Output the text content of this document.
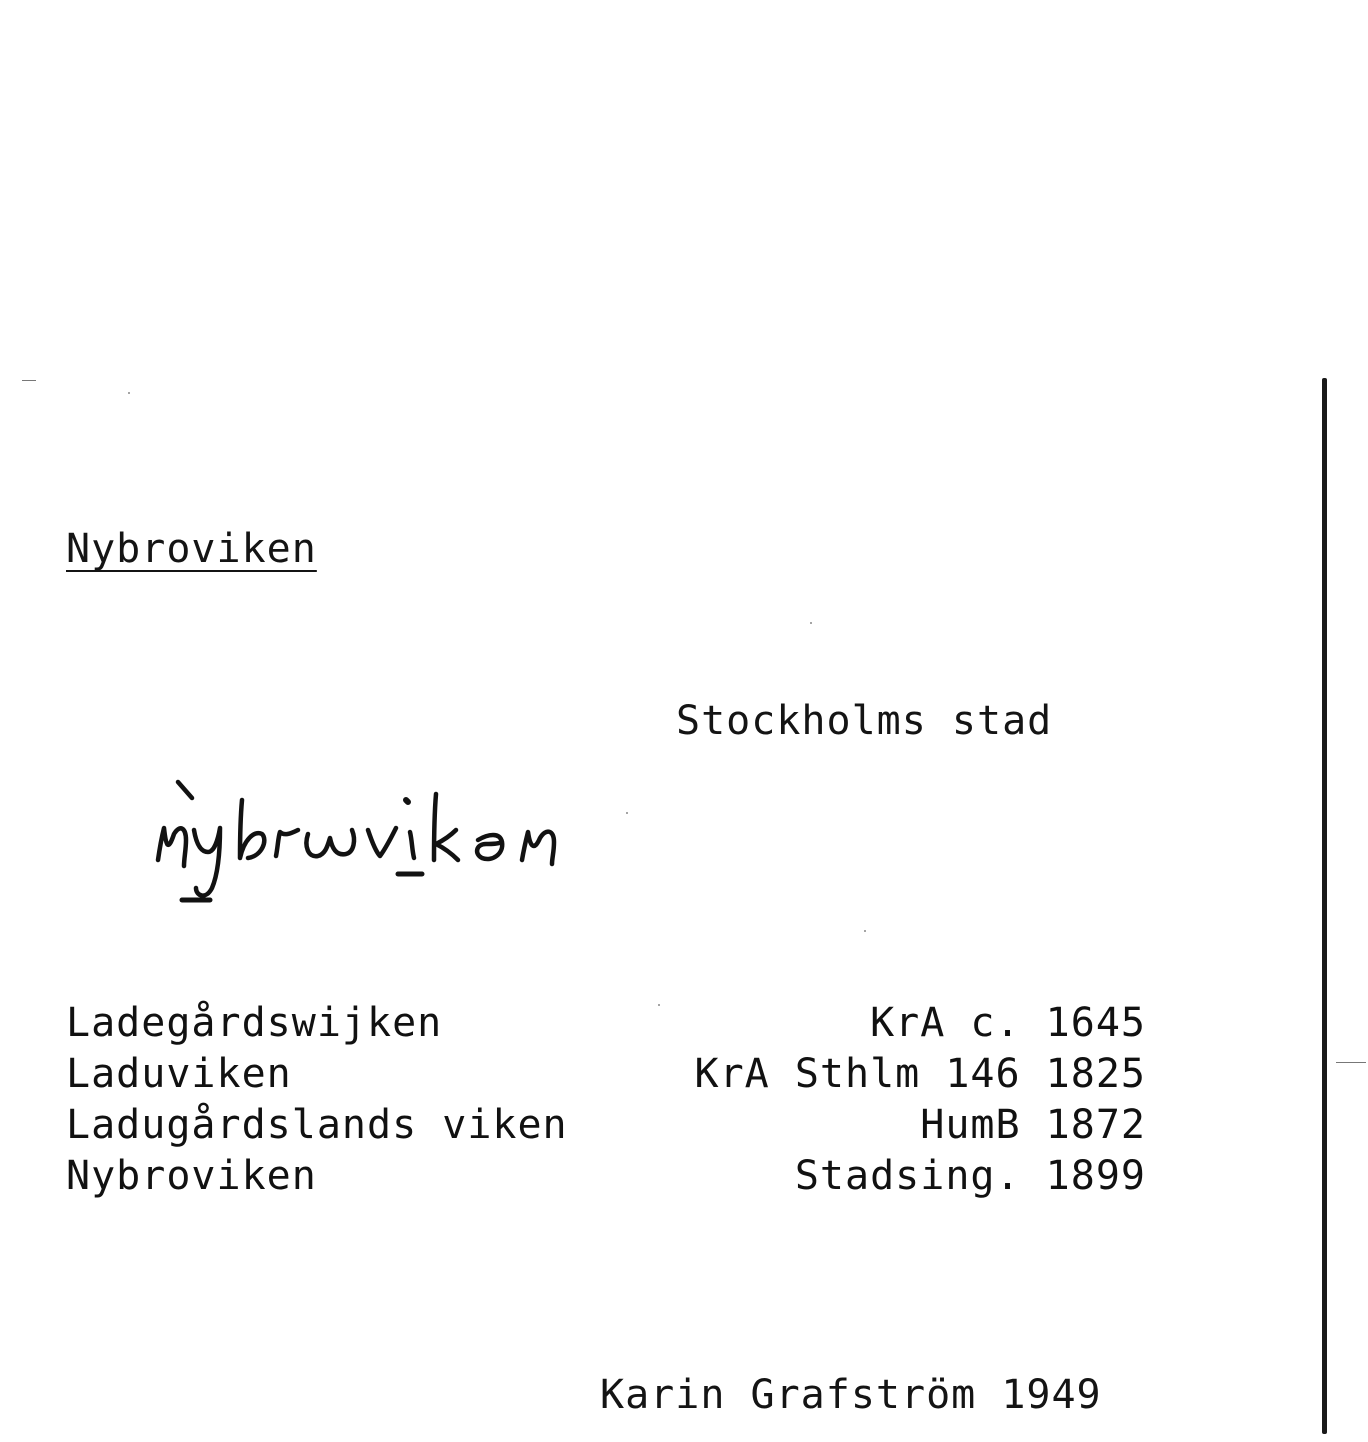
Nybroviken
Stockholms stad
Ladegårdswijken	KrA c. 1645
Laduviken	KrA Sthlm 146 1825
Ladugårdslands viken	HumB 1872
Nybroviken	Stadsing. 1899
Karin Grafström 1949
